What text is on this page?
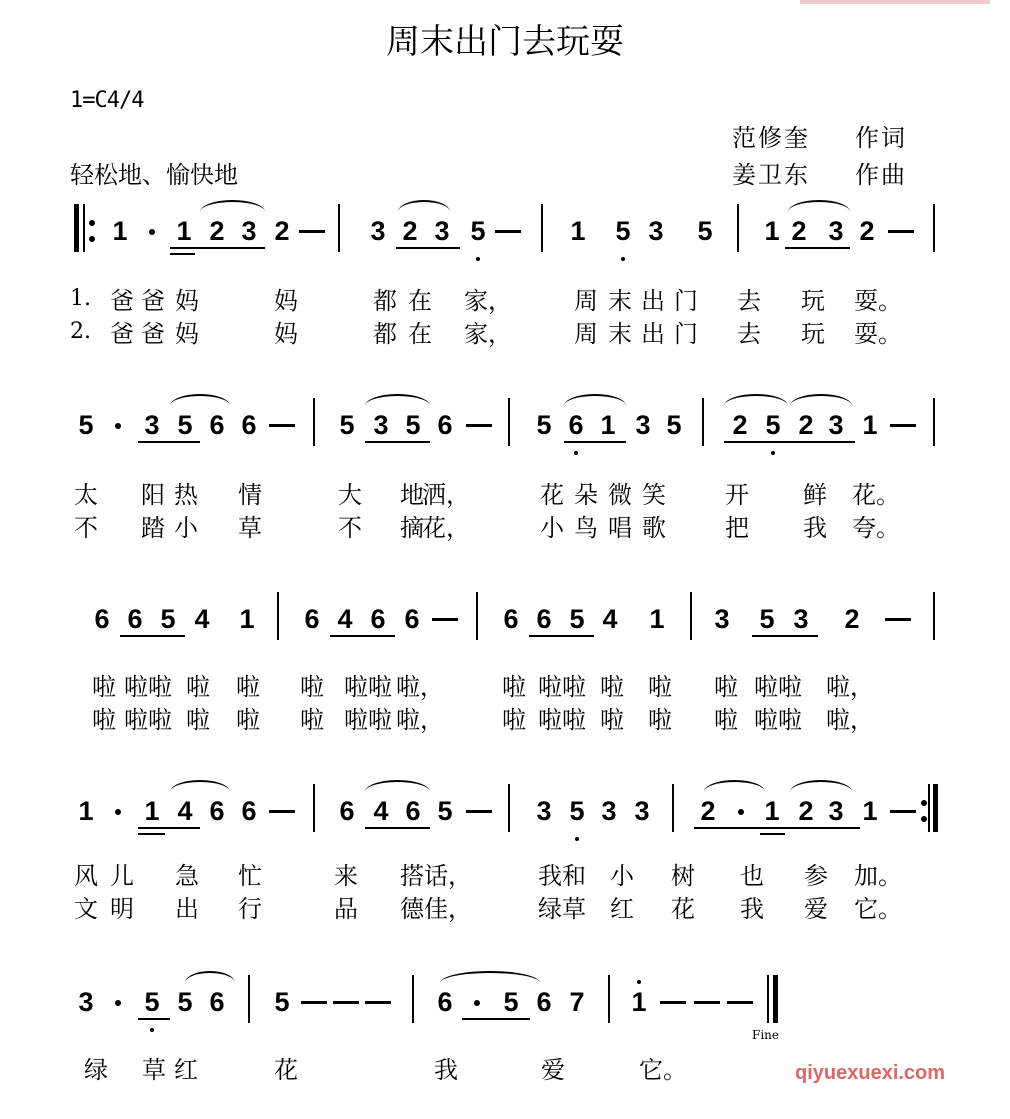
周末出门去玩耍
1=C4/4
轻松地、愉快地
范修奎 作词
姜卫东 作曲
1 1 2 3 2	3 2 3 5	1 5 3 5 1 2 3 2
爸 爸 妈	妈	都 在 家，	周 末 出 门 去 玩 耍。
爸 爸 妈	妈	都 在 家，	周 末 出 门 去 玩 耍。
5 3 5 6 6	5 3 5 6	5 6 1 3 5 2 5 2 3 1
太 阳 热 情	大 地
洒，	花 朵 微 笑 开 鲜 花。
不 踏 小 草	不 摘
花，	小 鸟 唱 歌 把 我 夸。
6 6 5 4 1 6 4 6 6	6 6 5 4 1 3 5 3 2
啦 啦啦 啦 啦 啦 啦啦 啦， 啦 啦啦 啦 啦 啦 啦啦 啦，
啦 啦啦 啦 啦 啦 啦啦 啦， 啦 啦啦 啦 啦 啦 啦啦 啦，
1 1 4 6 6	6 4 6 5	3 5 3 3 2 1 2 3 1
风 儿 急 忙	来 搭 话，	我和 小 树 也 参 加。
文 明 出 行	品 德 佳，	绿草 红 花 我 爱 它。
3 5 5 6 5	6 5 6 7 1
绿 草 红	花	我	爱	它。
1.
2.
Fine
qiyuexuexi.com
